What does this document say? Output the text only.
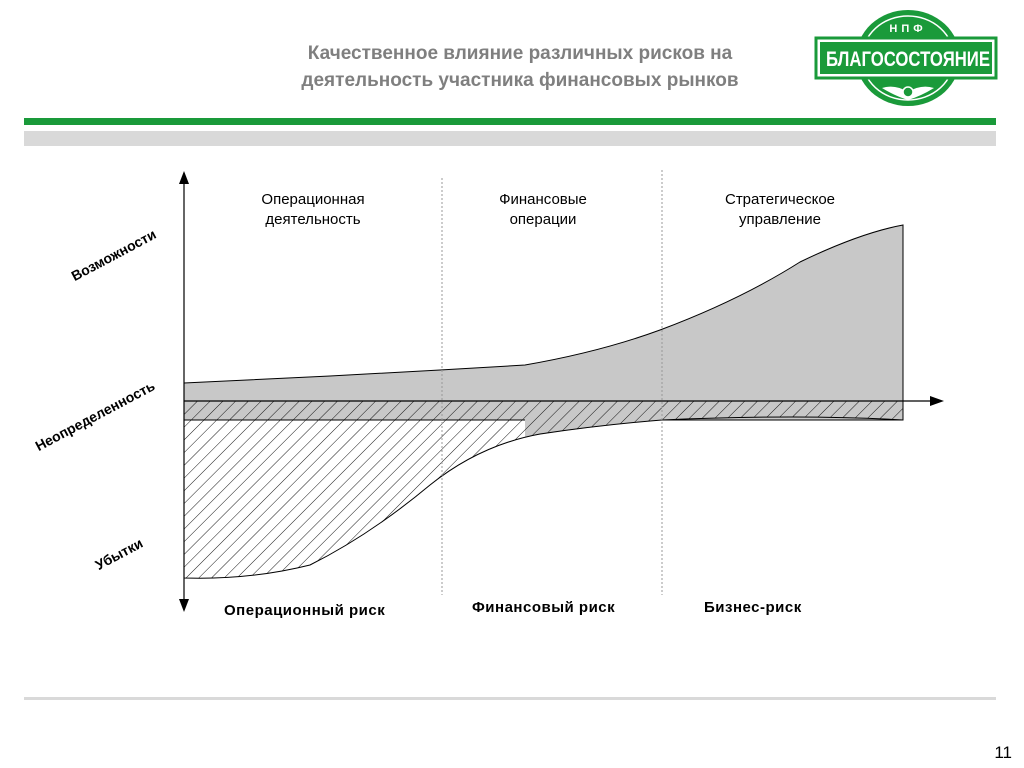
Качественное влияние различных рисков на
деятельность участника финансовых рынков
БЛАГОСОСТОЯНИЕ
НПФ
Возможности
Неопределенность
Убытки
Операционная
деятельность
Финансовые
операции
Стратегическое
управление
Операционный риск	Финансовый риск	Бизнес-риск
11
